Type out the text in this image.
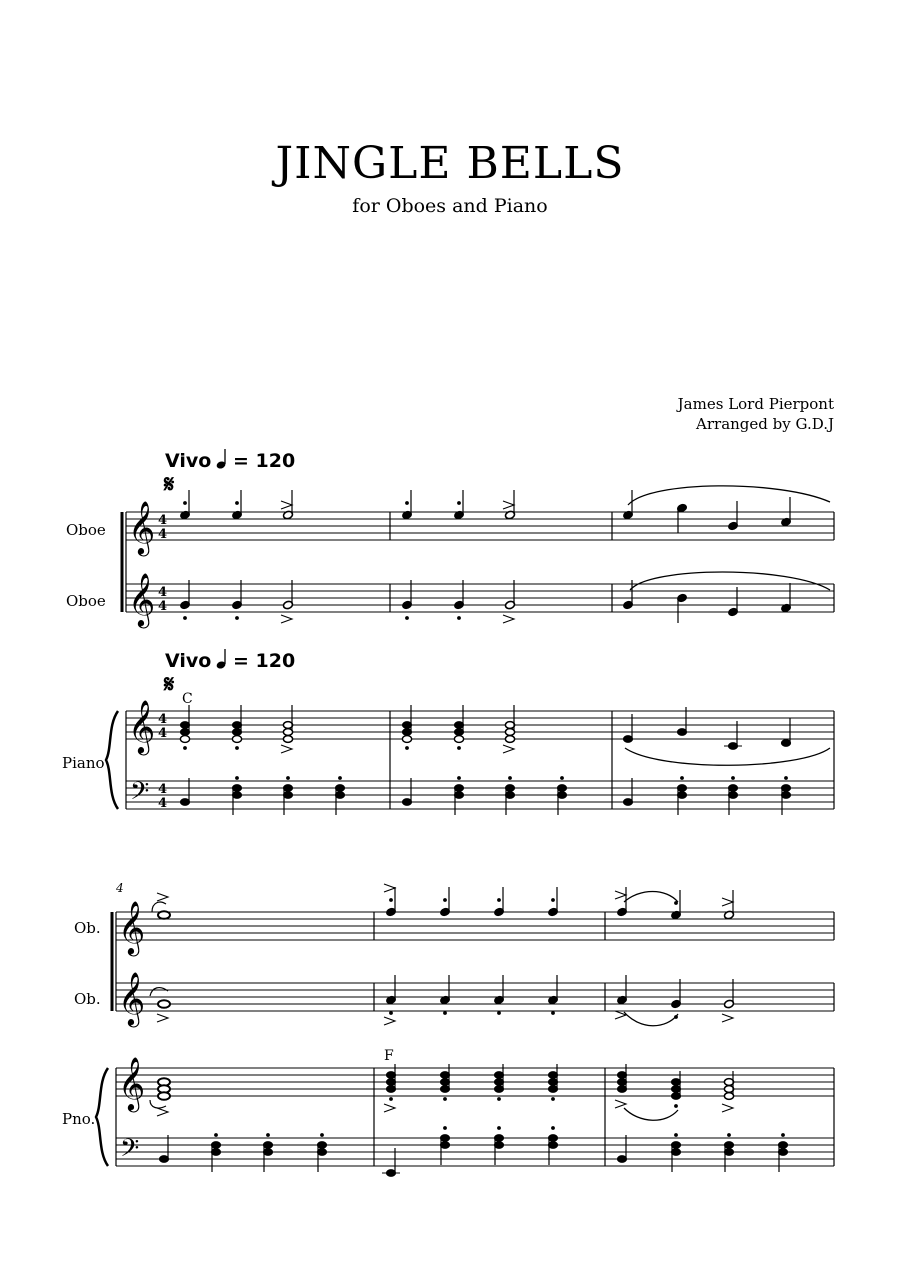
JINGLE BELLS
for Oboes and Piano
James Lord Pierpont
Arranged by G.D.J
Vivo = 120
𝄋
Vivo = 120
𝄋
C
Oboe
Oboe
Piano
𝄞
𝄞
𝄞
𝄢
4
4
4
4
4
4
4
4
4
Ob.
Ob.
Pno.
F
𝄞
𝄞
𝄞
𝄢
